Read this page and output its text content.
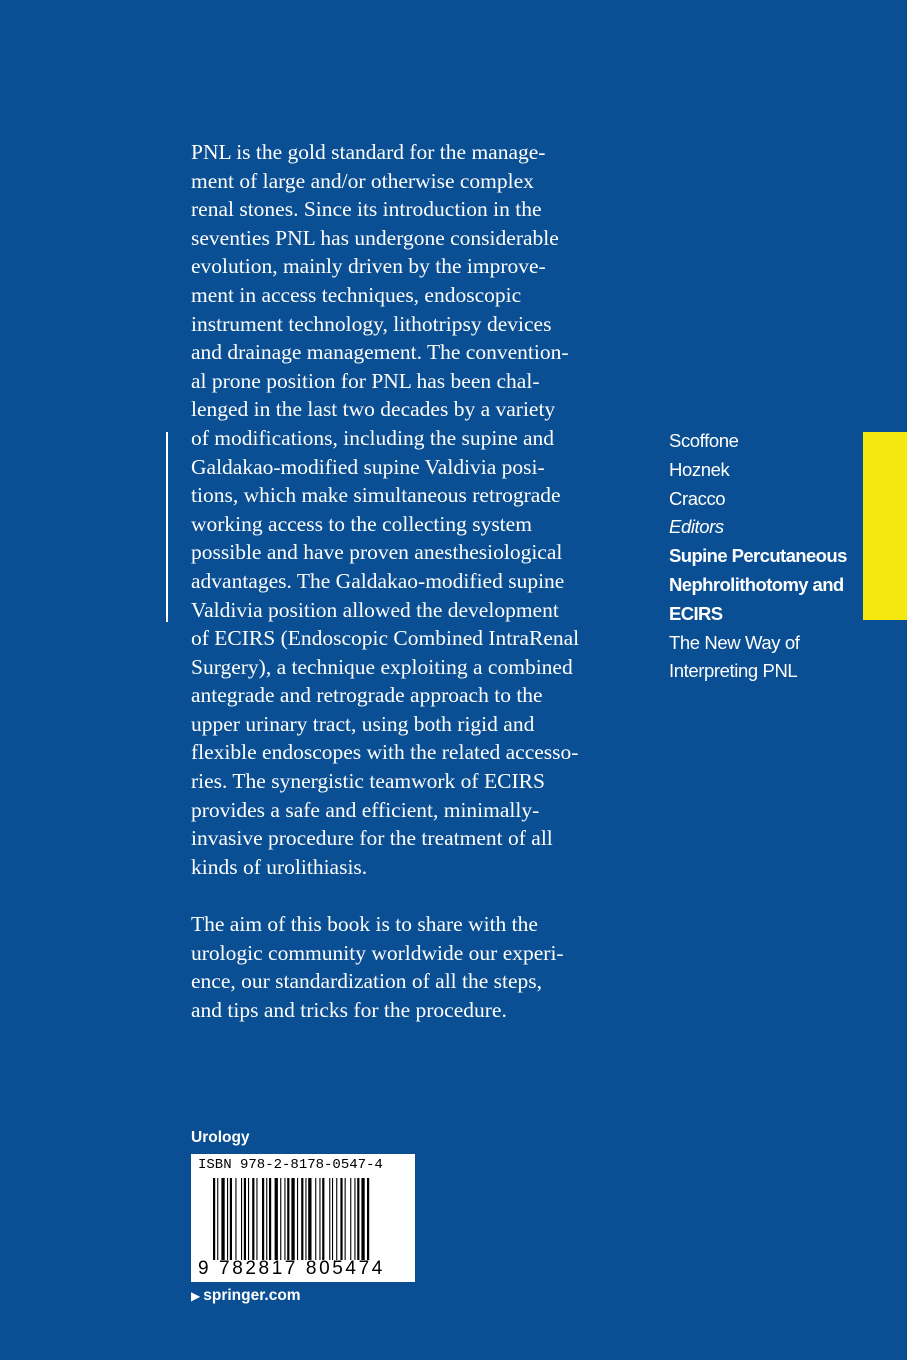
PNL is the gold standard for the manage-
ment of large and/or otherwise complex
renal stones. Since its introduction in the
seventies PNL has undergone considerable
evolution, mainly driven by the improve-
ment in access techniques, endoscopic
instrument technology, lithotripsy devices
and drainage management. The convention-
al prone position for PNL has been chal-
lenged in the last two decades by a variety
of modifications, including the supine and
Galdakao-modified supine Valdivia posi-
tions, which make simultaneous retrograde
working access to the collecting system
possible and have proven anesthesiological
advantages. The Galdakao-modified supine
Valdivia position allowed the development
of ECIRS (Endoscopic Combined IntraRenal
Surgery), a technique exploiting a combined
antegrade and retrograde approach to the
upper urinary tract, using both rigid and
flexible endoscopes with the related accesso-
ries. The synergistic teamwork of ECIRS
provides a safe and efficient, minimally-
invasive procedure for the treatment of all
kinds of urolithiasis.

The aim of this book is to share with the
urologic community worldwide our experi-
ence, our standardization of all the steps,
and tips and tricks for the procedure.

Scoffone
Hoznek
Cracco
Editors
Supine Percutaneous
Nephrolithotomy and
ECIRS
The New Way of
Interpreting PNL
Urology
ISBN 978-2-8178-0547-4
9 782817 805474
▶ springer.com
